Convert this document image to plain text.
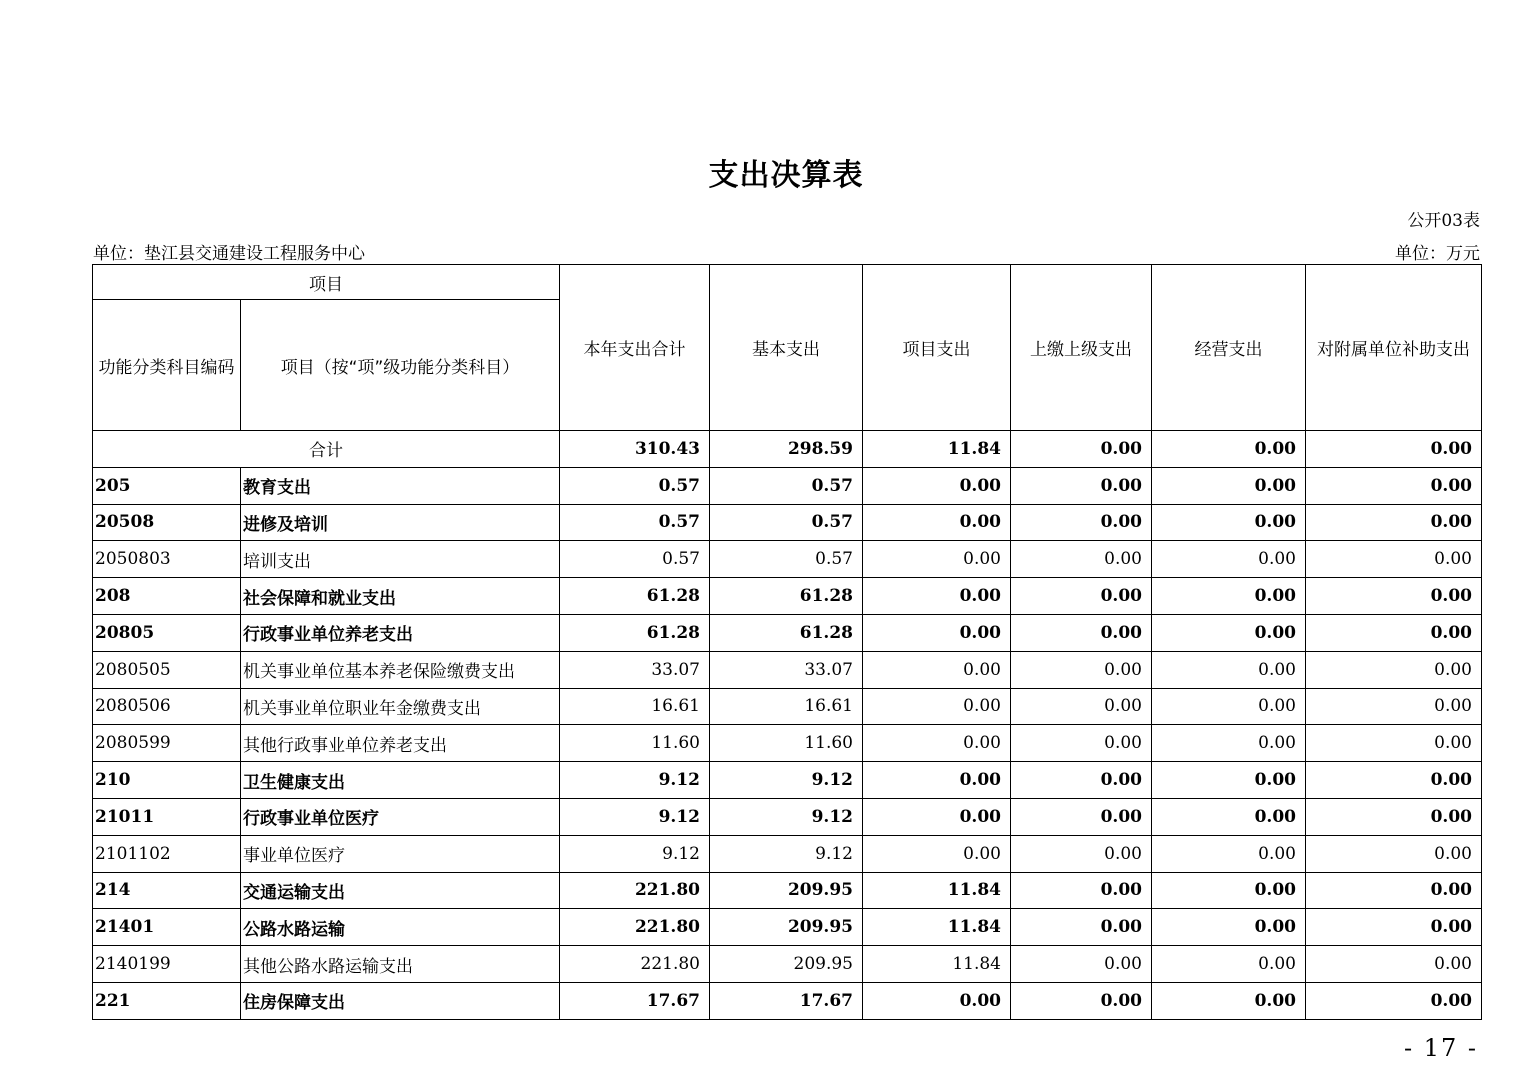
支出决算表
公开03表
单位：垫江县交通建设工程服务中心	单位：万元
项目		本年支出合计	基本支出	项目支出	上缴上级支出	经营支出	对附属单位补助支出
功能分类科目编码	项目（按“项”级功能分类科目）						
合计		310.43	298.59	11.84	0.00	0.00	0.00
205	教育支出	0.57	0.57	0.00	0.00	0.00	0.00
20508	进修及培训	0.57	0.57	0.00	0.00	0.00	0.00
2050803	培训支出	0.57	0.57	0.00	0.00	0.00	0.00
208	社会保障和就业支出	61.28	61.28	0.00	0.00	0.00	0.00
20805	行政事业单位养老支出	61.28	61.28	0.00	0.00	0.00	0.00
2080505	机关事业单位基本养老保险缴费支出	33.07	33.07	0.00	0.00	0.00	0.00
2080506	机关事业单位职业年金缴费支出	16.61	16.61	0.00	0.00	0.00	0.00
2080599	其他行政事业单位养老支出	11.60	11.60	0.00	0.00	0.00	0.00
210	卫生健康支出	9.12	9.12	0.00	0.00	0.00	0.00
21011	行政事业单位医疗	9.12	9.12	0.00	0.00	0.00	0.00
2101102	事业单位医疗	9.12	9.12	0.00	0.00	0.00	0.00
214	交通运输支出	221.80	209.95	11.84	0.00	0.00	0.00
21401	公路水路运输	221.80	209.95	11.84	0.00	0.00	0.00
2140199	其他公路水路运输支出	221.80	209.95	11.84	0.00	0.00	0.00
221	住房保障支出	17.67	17.67	0.00	0.00	0.00	0.00
- 17 -
